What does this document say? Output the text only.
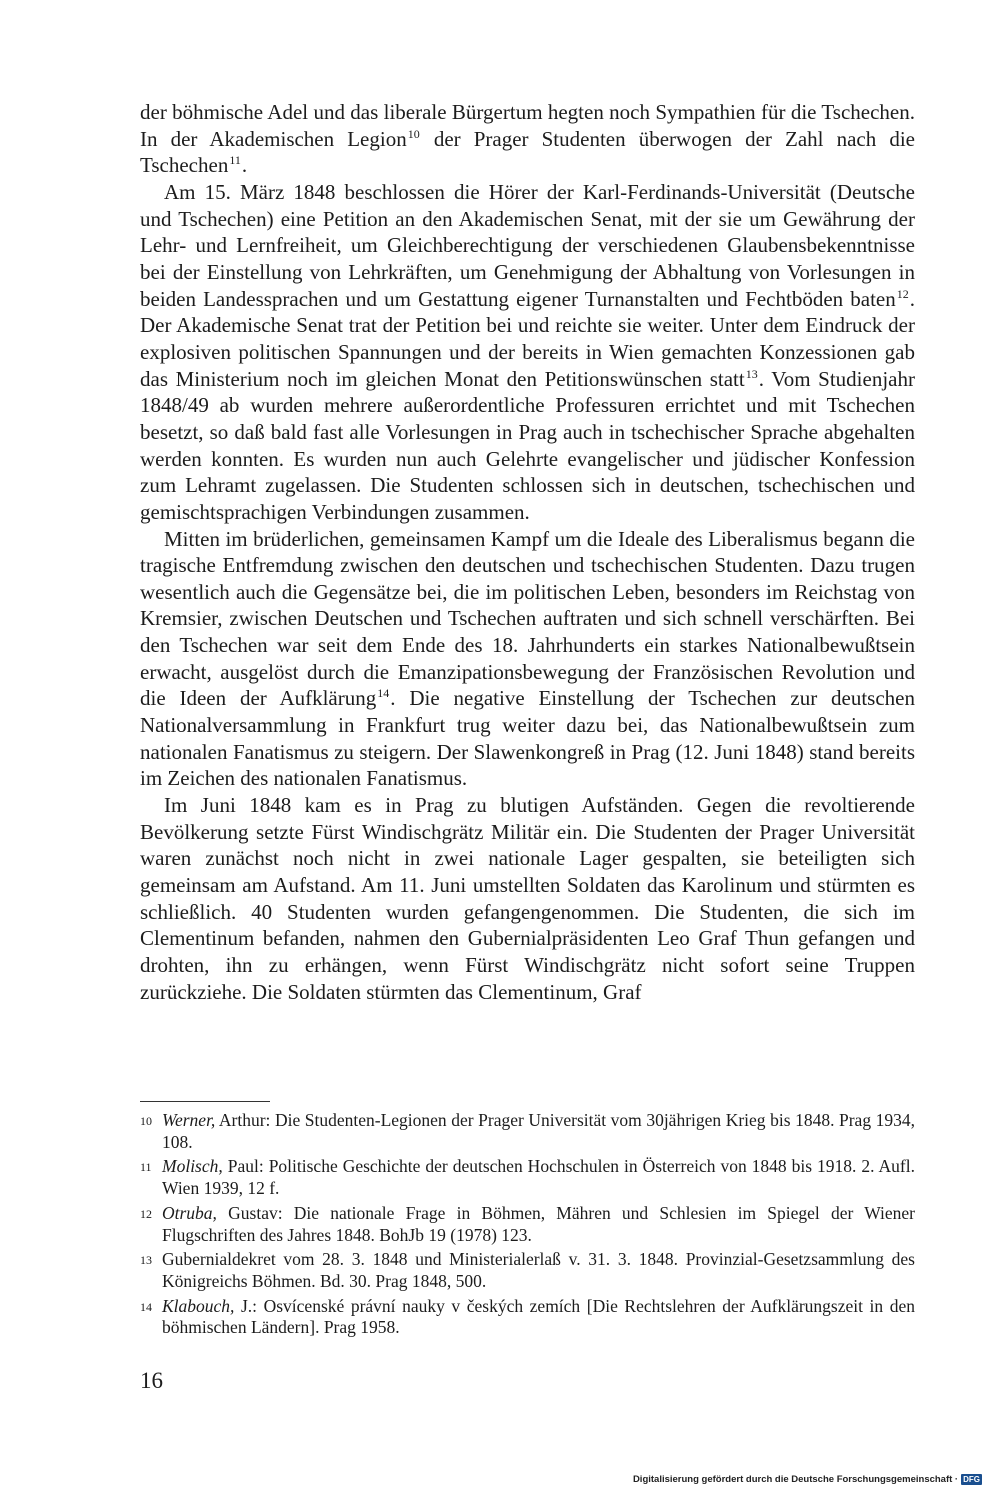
der böhmische Adel und das liberale Bürgertum hegten noch Sympathien für die Tschechen. In der Akademischen Legion$^{10}$ der Prager Studenten überwogen der Zahl nach die Tschechen$^{11}$.

Am 15. März 1848 beschlossen die Hörer der Karl-Ferdinands-Universität (Deutsche und Tschechen) eine Petition an den Akademischen Senat, mit der sie um Gewährung der Lehr- und Lernfreiheit, um Gleichberechtigung der verschiedenen Glaubensbekenntnisse bei der Einstellung von Lehrkräften, um Genehmigung der Abhaltung von Vorlesungen in beiden Landessprachen und um Gestattung eigener Turnanstalten und Fechtböden baten$^{12}$. Der Akademische Senat trat der Petition bei und reichte sie weiter. Unter dem Eindruck der explosiven politischen Spannungen und der bereits in Wien gemachten Konzessionen gab das Ministerium noch im gleichen Monat den Petitionswünschen statt$^{13}$. Vom Studienjahr 1848/49 ab wurden mehrere außerordentliche Professuren errichtet und mit Tschechen besetzt, so daß bald fast alle Vorlesungen in Prag auch in tschechischer Sprache abgehalten werden konnten. Es wurden nun auch Gelehrte evangelischer und jüdischer Konfession zum Lehramt zugelassen. Die Studenten schlossen sich in deutschen, tschechischen und gemischtsprachigen Verbindungen zusammen.

Mitten im brüderlichen, gemeinsamen Kampf um die Ideale des Liberalismus begann die tragische Entfremdung zwischen den deutschen und tschechischen Studenten. Dazu trugen wesentlich auch die Gegensätze bei, die im politischen Leben, besonders im Reichstag von Kremsier, zwischen Deutschen und Tschechen auftraten und sich schnell verschärften. Bei den Tschechen war seit dem Ende des 18. Jahrhunderts ein starkes Nationalbewußtsein erwacht, ausgelöst durch die Emanzipationsbewegung der Französischen Revolution und die Ideen der Aufklärung$^{14}$. Die negative Einstellung der Tschechen zur deutschen Nationalversammlung in Frankfurt trug weiter dazu bei, das Nationalbewußtsein zum nationalen Fanatismus zu steigern. Der Slawenkongreß in Prag (12. Juni 1848) stand bereits im Zeichen des nationalen Fanatismus.

Im Juni 1848 kam es in Prag zu blutigen Aufständen. Gegen die revoltierende Bevölkerung setzte Fürst Windischgrätz Militär ein. Die Studenten der Prager Universität waren zunächst noch nicht in zwei nationale Lager gespalten, sie beteiligten sich gemeinsam am Aufstand. Am 11. Juni umstellten Soldaten das Karolinum und stürmten es schließlich. 40 Studenten wurden gefangengenommen. Die Studenten, die sich im Clementinum befanden, nahmen den Gubernialpräsidenten Leo Graf Thun gefangen und drohten, ihn zu erhängen, wenn Fürst Windischgrätz nicht sofort seine Truppen zurückziehe. Die Soldaten stürmten das Clementinum, Graf

10 Werner, Arthur: Die Studenten-Legionen der Prager Universität vom 30jährigen Krieg bis 1848. Prag 1934, 108.
11 Molisch, Paul: Politische Geschichte der deutschen Hochschulen in Österreich von 1848 bis 1918. 2. Aufl. Wien 1939, 12 f.
12 Otruba, Gustav: Die nationale Frage in Böhmen, Mähren und Schlesien im Spiegel der Wiener Flugschriften des Jahres 1848. BohJb 19 (1978) 123.
13 Gubernialdekret vom 28. 3. 1848 und Ministerialerlaß v. 31. 3. 1848. Provinzial-Gesetzsammlung des Königreichs Böhmen. Bd. 30. Prag 1848, 500.
14 Klabouch, J.: Osvícenské právní nauky v českých zemích [Die Rechtslehren der Aufklärungszeit in den böhmischen Ländern]. Prag 1958.
16
Digitalisierung gefördert durch die Deutsche Forschungsgemeinschaft · DFG
